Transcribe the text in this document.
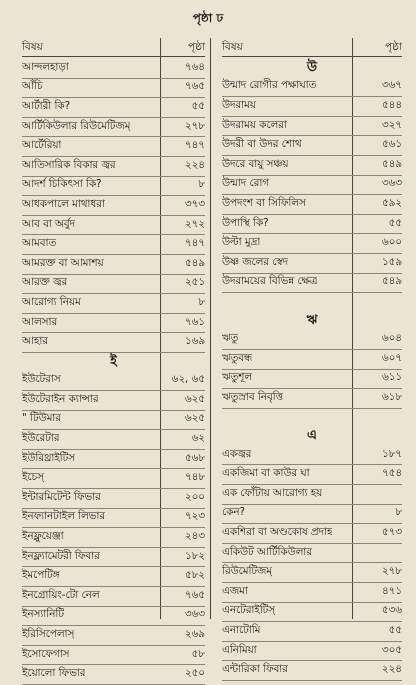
পৃষ্ঠা ঢ
বিষয়	পৃষ্ঠা
আন্দলহাড়া	৭৬৪
আঁচি	৭৬৫
আর্টারী কি?	৫৫
আর্টিকিউলার রিউমেটিজম্	২৭৮
আর্টেরিয়া	৭৪৭
আতিসারিক বিকার জ্বর	২২৪
আদর্শ চিকিৎসা কি?	৮
আধকপালে মাথাধরা	৩৭৩
আব বা অর্বুদ	২৭২
আমবাত	৭৪৭
আমরক্ত বা আমাশয়	৫৪৯
আরক্ত জ্বর	২৫১
আরোগ্য নিয়ম	৮
আলসার	৭৬১
আহার	১৬৯
ই
ইউটেরাস	৬২, ৬৫
ইউটেরাইন ক্যান্সার	৬২৫
" টিউমার	৬২৫
ইউরেটার	৬২
ইউরিথ্রাইটিস	৫৬৮
ইচেস্	৭৪৮
ইন্টারমিটেন্ট ফিভার	২০০
ইনফ্যানটাইল লিভার	৭২৩
ইনফ্লুয়েঞ্জা	২৪৩
ইনফ্ল্যামেটরী ফিবার	১৮২
ইমপেটিঙ্গ	৫৮২
ইনগ্রোয়িং-টো নেল	৭৬৫
ইনস্যানিটি	৩৬৩
ইরিসিপেলাস্	২৬৯
ইসোফেগাস	৫৮
ইয়োলো ফিভার	২৫০
বিষয়	পৃষ্ঠা
উ
উন্মাদ রোগীর পক্ষাঘাত	৩৬৭
উদরাময়	৫৪৪
উদরাময় কলেরা	৩২৭
উদরী বা উদর শোথ	৫৬১
উদরে বায়ু সঞ্চয়	৫৪৯
উন্মাদ রোগ	৩৬৩
উপদংশ বা সিফিলিস	৫৯২
উপাস্থি কি?	৫৫
উল্টা মুদ্রা	৬০০
উষ্ণ জলের স্বেদ	১৫৯
উদরাময়ের বিভিন্ন ক্ষেত্র	৫৪৯
ঋ
ঋতু	৬০৪
ঋতুবন্ধ	৬০৭
ঋতুশূল	৬১১
ঋতুস্রাব নিবৃত্তি	৬১৮
এ
একজ্বর	১৮৭
একজিমা বা কাউর ঘা	৭৫৪
এক ফোঁটায় আরোগ্য হয়
কেন?	৮
একশিরা বা অণ্ডকোষ প্রদাহ	৫৭৩
একিউট আর্টিকিউলার
রিউমেটিজম্	২৭৮
এজমা	৪৭১
এনটেরাইটিস্	৫৩৬
এনাটোমি	৫৫
এনিমিয়া	৩০৫
এন্টারিকা ফিবার	২২৪
